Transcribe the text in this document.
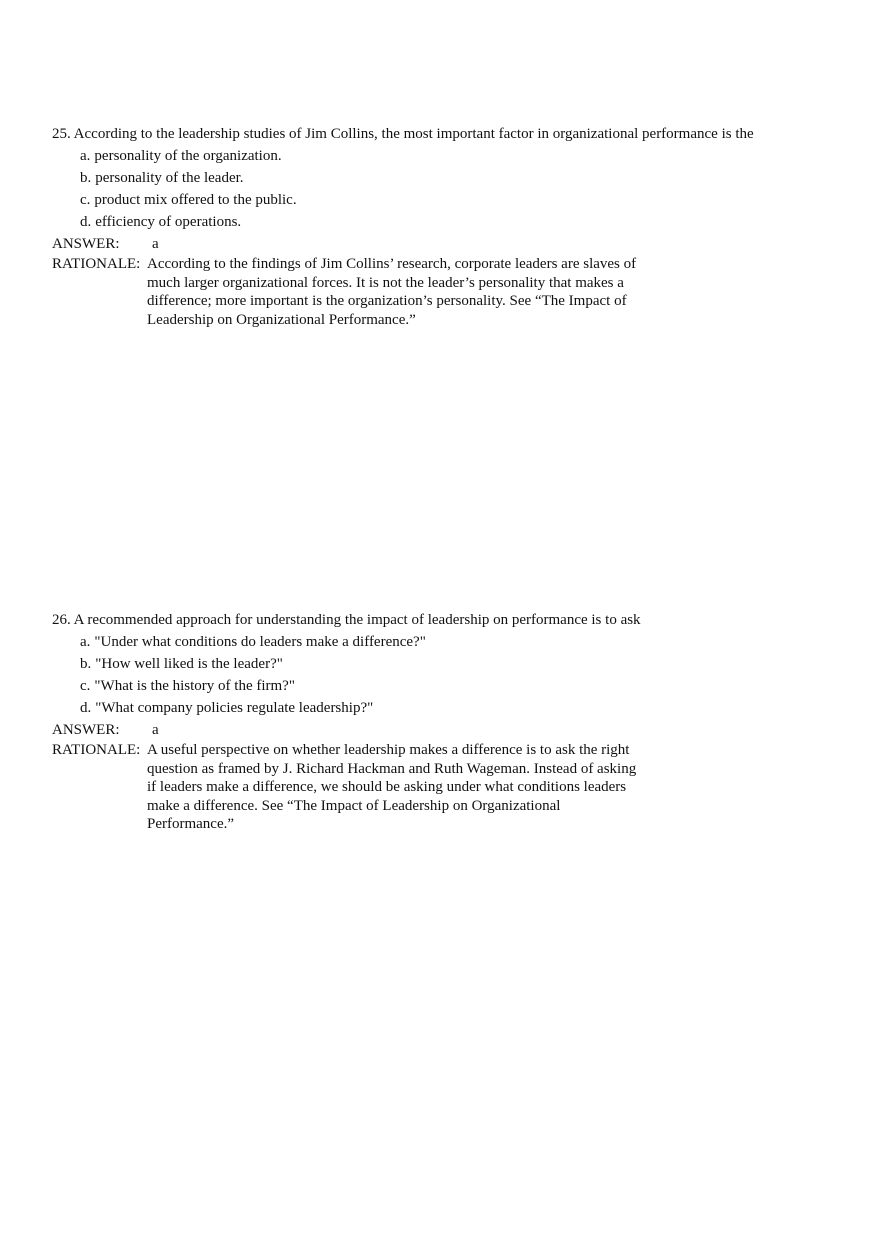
25. According to the leadership studies of Jim Collins, the most important factor in organizational performance is the
a. personality of the organization.
b. personality of the leader.
c. product mix offered to the public.
d. efficiency of operations.
ANSWER: a
RATIONALE: According to the findings of Jim Collins’ research, corporate leaders are slaves of
much larger organizational forces. It is not the leader’s personality that makes a
difference; more important is the organization’s personality. See “The Impact of
Leadership on Organizational Performance.”
26. A recommended approach for understanding the impact of leadership on performance is to ask
a. "Under what conditions do leaders make a difference?"
b. "How well liked is the leader?"
c. "What is the history of the firm?"
d. "What company policies regulate leadership?"
ANSWER: a
RATIONALE: A useful perspective on whether leadership makes a difference is to ask the right
question as framed by J. Richard Hackman and Ruth Wageman. Instead of asking
if leaders make a difference, we should be asking under what conditions leaders
make a difference. See “The Impact of Leadership on Organizational
Performance.”
